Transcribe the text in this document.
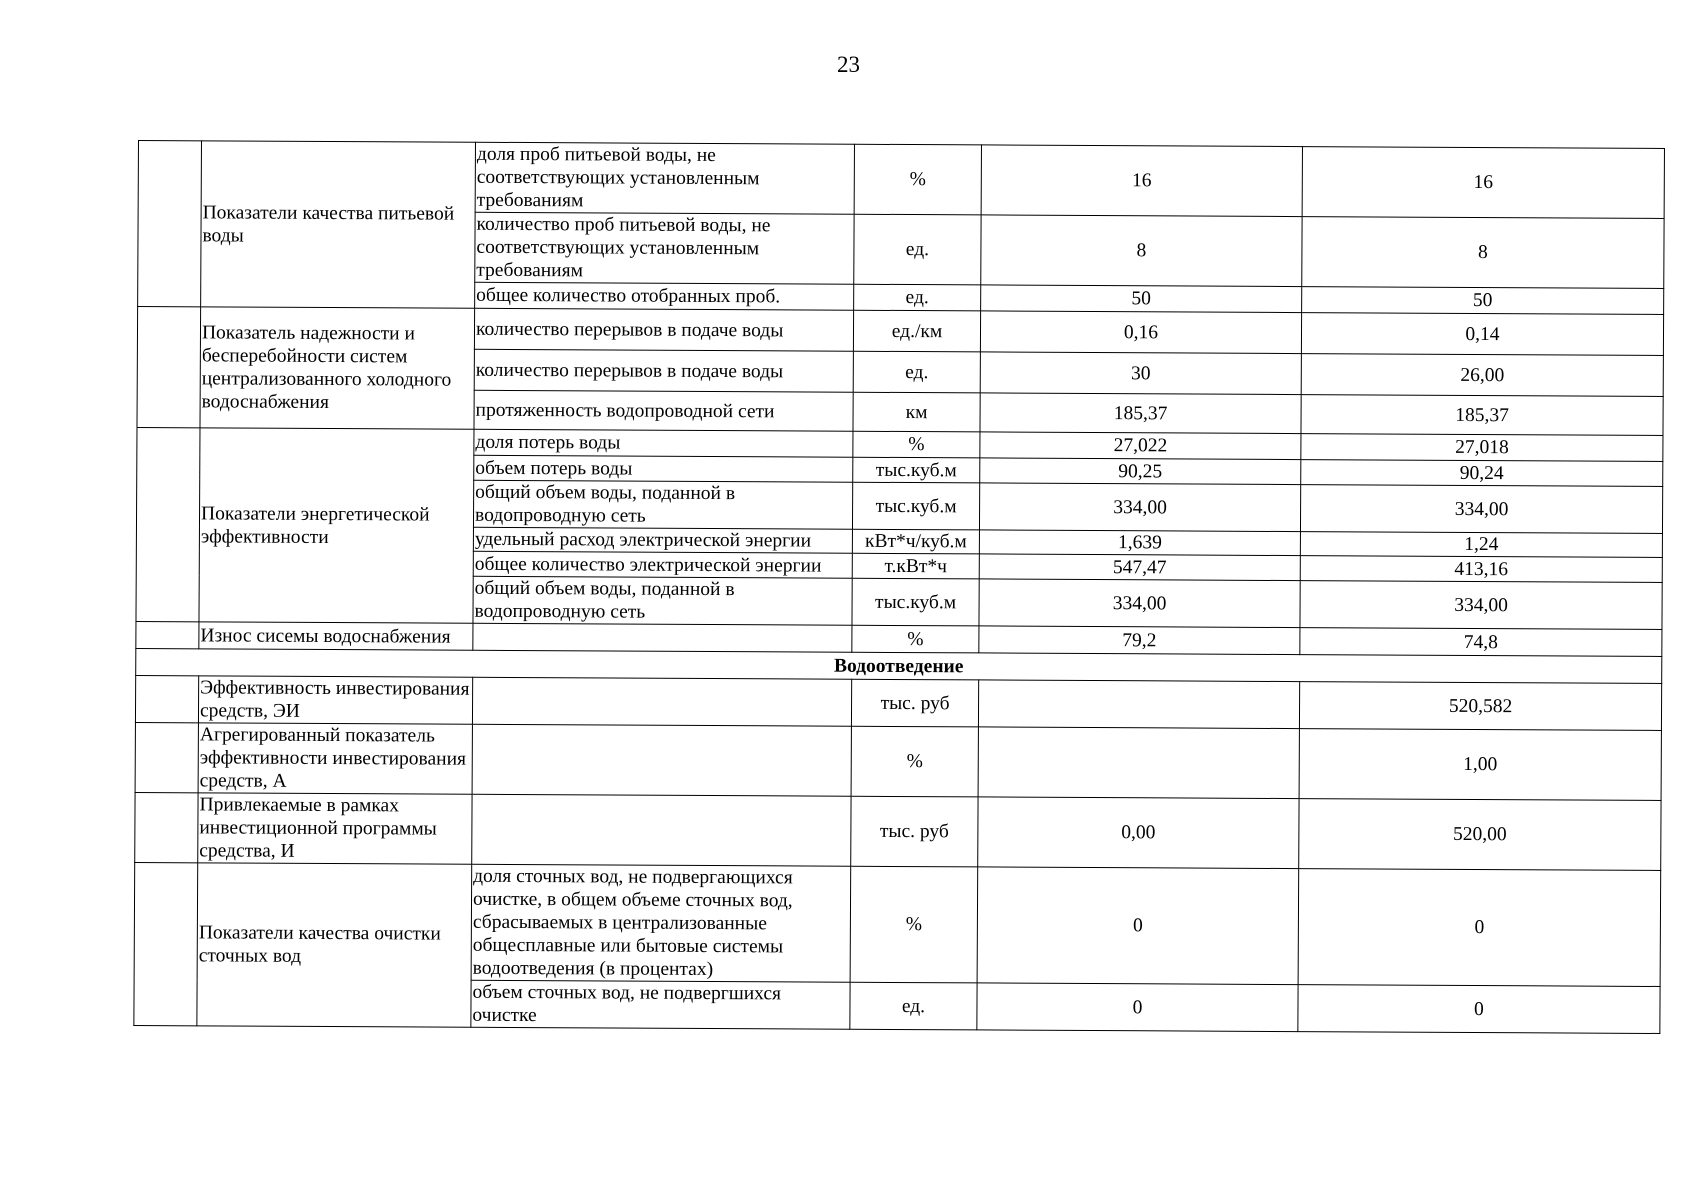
23
	Показатели качества питьевой воды	доля проб питьевой воды, не соответствующих установленным требованиям	%	16	16
		количество проб питьевой воды, не соответствующих установленным требованиям	ед.	8	8
		общее количество отобранных проб.	ед.	50	50
	Показатель надежности и бесперебойности систем централизованного холодного водоснабжения	количество перерывов в подаче воды	ед./км	0,16	0,14
		количество перерывов в подаче воды	ед.	30	26,00
		протяженность водопроводной сети	км	185,37	185,37
	Показатели энергетической эффективности	доля потерь воды	%	27,022	27,018
		объем потерь воды	тыс.куб.м	90,25	90,24
		общий объем воды, поданной в водопроводную сеть	тыс.куб.м	334,00	334,00
		удельный расход электрической энергии	кВт*ч/куб.м	1,639	1,24
		общее количество электрической энергии	т.кВт*ч	547,47	413,16
		общий объем воды, поданной в водопроводную сеть	тыс.куб.м	334,00	334,00
	Износ сисемы водоснабжения		%	79,2	74,8
Водоотведение					
	Эффективность инвестирования средств, ЭИ		тыс. руб		520,582
	Агрегированный показатель эффективности инвестирования средств, А		%		1,00
	Привлекаемые в рамках инвестиционной программы средства, И		тыс. руб	0,00	520,00
	Показатели качества очистки сточных вод	доля сточных вод, не подвергающихся очистке, в общем объеме сточных вод, сбрасываемых в централизованные общесплавные или бытовые системы водоотведения (в процентах)	%	0	0
		объем сточных вод, не подвергшихся очистке	ед.	0	0
